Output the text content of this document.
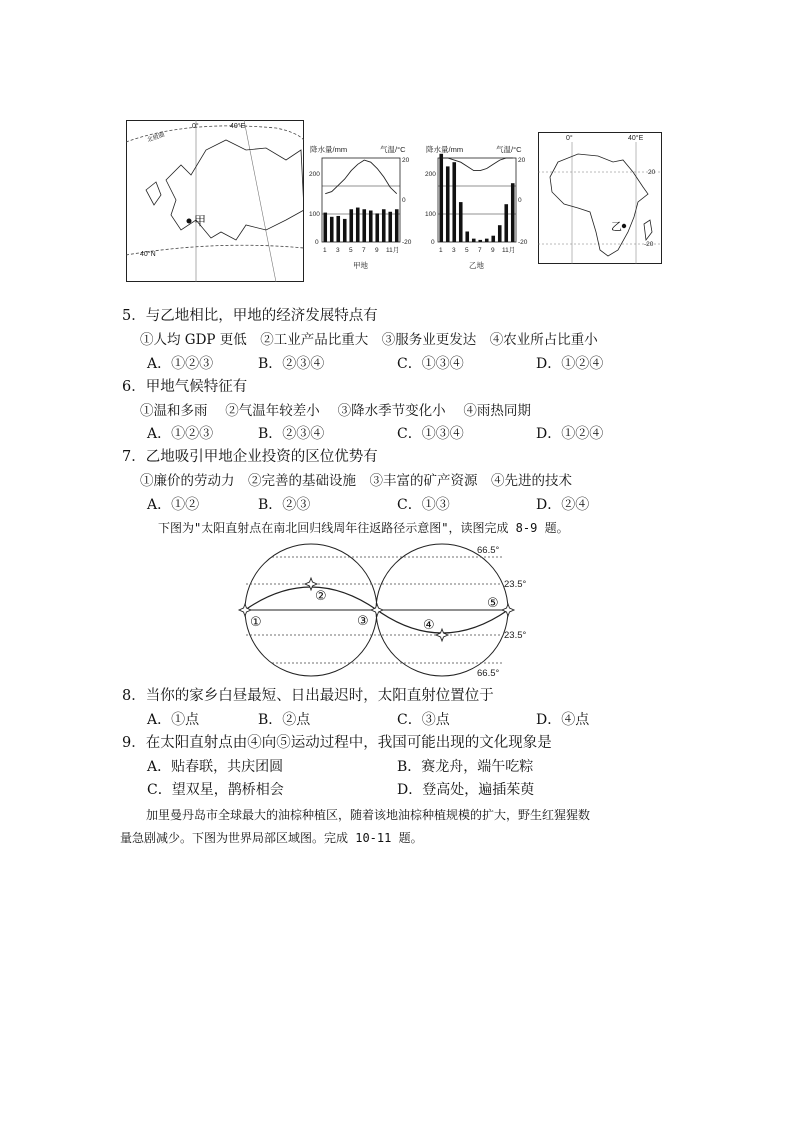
甲
0°	40°E
北极圈
40°N
降水量/mm	气温/°C
200
100
0
20
0
-20
1 3 5 7 9 11月
甲地
降水量/mm	气温/°C
200
100
0
20
0
-20
1 3 5 7 9 11月
乙地
乙
0°	40°E
20
-20
5．与乙地相比，甲地的经济发展特点有
①人均 GDP 更低　②工业产品比重大　③服务业更发达　④农业所占比重小
A．①②③	B．②③④	C．①③④	D．①②④
6．甲地气候特征有
①温和多雨　 ②气温年较差小　 ③降水季节变化小　 ④雨热同期
A．①②③	B．②③④	C．①③④	D．①②④
7．乙地吸引甲地企业投资的区位优势有
①廉价的劳动力　②完善的基础设施　③丰富的矿产资源　④先进的技术
A．①②	B．②③	C．①③	D．②④
下图为"太阳直射点在南北回归线周年往返路径示意图"，读图完成 8-9 题。
①
②
③	④
⑤
66.5°
23.5°
23.5°
66.5°
8．当你的家乡白昼最短、日出最迟时，太阳直射位置位于
A．①点	B．②点	C．③点	D．④点
9．在太阳直射点由④向⑤运动过程中，我国可能出现的文化现象是
A．贴春联，共庆团圆	B．赛龙舟，端午吃粽
C．望双星，鹊桥相会	D．登高处，遍插茱萸
加里曼丹岛市全球最大的油棕种植区，随着该地油棕种植规模的扩大，野生红猩猩数
量急剧减少。下图为世界局部区域图。完成 10-11 题。
